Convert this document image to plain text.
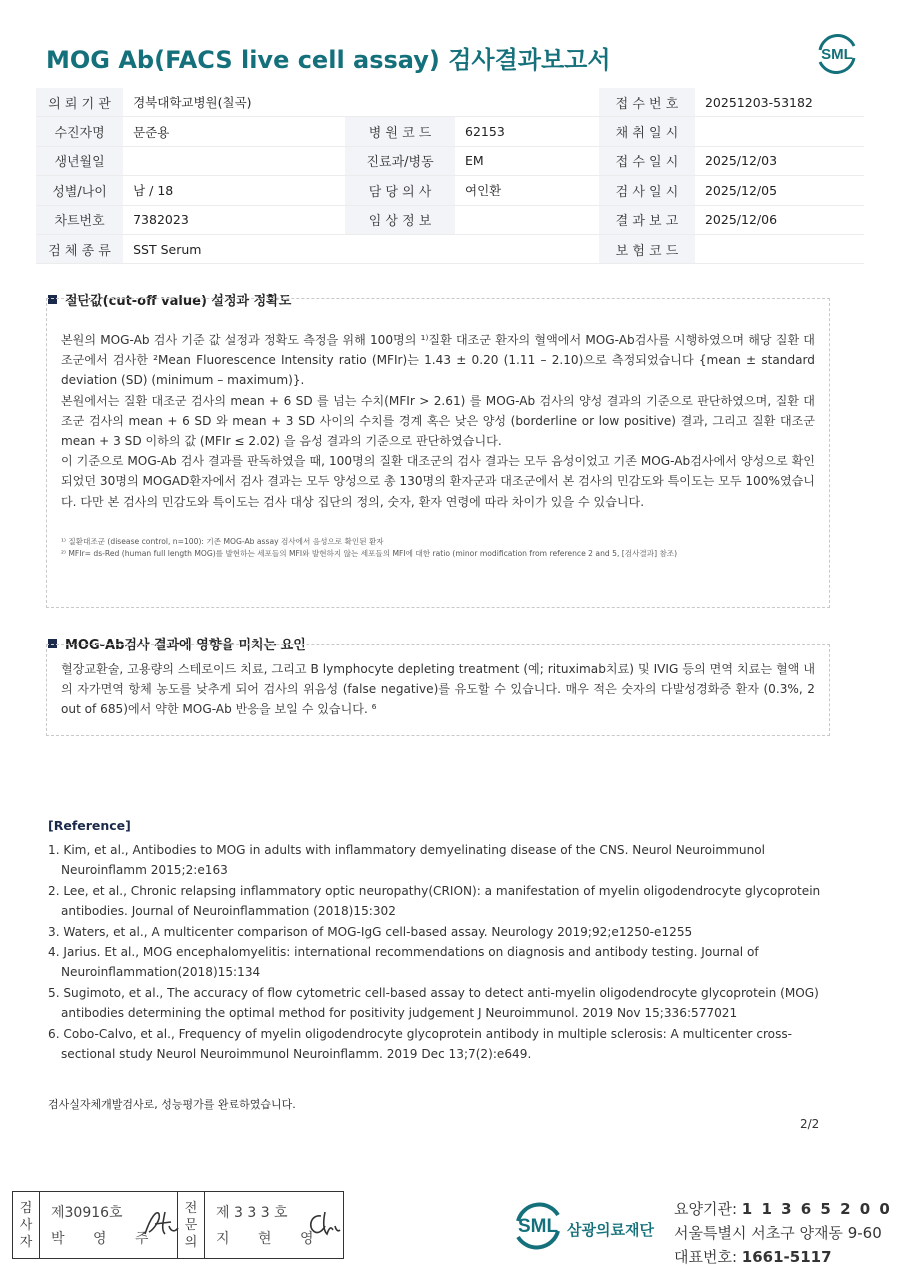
MOG Ab(FACS live cell assay) 검사결과보고서	SML
의 뢰 기 관	경북대학교병원(칠곡)			접 수 번 호	20251203-53182
수진자명	문준용	병 원 코 드	62153	채 취 일 시	
생년월일		진료과/병동	EM	접 수 일 시	2025/12/03
성별/나이	남 / 18	담 당 의 사	여인환	검 사 일 시	2025/12/05
차트번호	7382023	임 상 정 보		결 과 보 고	2025/12/06
검 체 종 류	SST Serum			보 험 코 드	
절단값(cut-off value) 설정과 정확도

본원의 MOG-Ab 검사 기준 값 설정과 정확도 측정을 위해 100명의 ¹⁾질환 대조군 환자의 혈액에서 MOG-Ab검사를 시행하였으며 해당 질환 대조군에서 검사한 ²Mean Fluorescence Intensity ratio (MFIr)는 1.43 ± 0.20 (1.11 – 2.10)으로 측정되었습니다 {mean ± standard deviation (SD) (minimum – maximum)}.

본원에서는 질환 대조군 검사의 mean + 6 SD 를 넘는 수치(MFIr > 2.61) 를 MOG-Ab 검사의 양성 결과의 기준으로 판단하였으며, 질환 대조군 검사의 mean + 6 SD 와 mean + 3 SD 사이의 수치를 경계 혹은 낮은 양성 (borderline or low positive) 결과, 그리고 질환 대조군 mean + 3 SD 이하의 값 (MFIr ≤ 2.02) 을 음성 결과의 기준으로 판단하였습니다.

이 기준으로 MOG-Ab 검사 결과를 판독하였을 때, 100명의 질환 대조군의 검사 결과는 모두 음성이었고 기존 MOG-Ab검사에서 양성으로 확인되었던 30명의 MOGAD환자에서 검사 결과는 모두 양성으로 총 130명의 환자군과 대조군에서 본 검사의 민감도와 특이도는 모두 100%였습니다. 다만 본 검사의 민감도와 특이도는 검사 대상 집단의 정의, 숫자, 환자 연령에 따라 차이가 있을 수 있습니다.

¹⁾ 질환대조군 (disease control, n=100): 기존 MOG-Ab assay 검사에서 음성으로 확인된 환자

²⁾ MFIr= ds-Red (human full length MOG)를 발현하는 세포들의 MFI와 발현하지 않는 세포들의 MFI에 대한 ratio (minor modification from reference 2 and 5, [검사결과] 참조)

MOG-Ab검사 결과에 영향을 미치는 요인
혈장교환술, 고용량의 스테로이드 치료, 그리고 B lymphocyte depleting treatment (예; rituximab치료) 및 IVIG 등의 면역 치료는 혈액 내의 자가면역 항체 농도를 낮추게 되어 검사의 위음성 (false negative)를 유도할 수 있습니다. 매우 적은 숫자의 다발성경화증 환자 (0.3%, 2 out of 685)에서 약한 MOG-Ab 반응을 보일 수 있습니다. ⁶
[Reference]
1. Kim, et al., Antibodies to MOG in adults with inflammatory demyelinating disease of the CNS. Neurol Neuroimmunol Neuroinflamm 2015;2:e163
2. Lee, et al., Chronic relapsing inflammatory optic neuropathy(CRION): a manifestation of myelin oligodendrocyte glycoprotein antibodies. Journal of Neuroinflammation (2018)15:302
3. Waters, et al., A multicenter comparison of MOG-IgG cell-based assay. Neurology 2019;92;e1250-e1255
4. Jarius. Et al., MOG encephalomyelitis: international recommendations on diagnosis and antibody testing. Journal of Neuroinflammation(2018)15:134
5. Sugimoto, et al., The accuracy of flow cytometric cell-based assay to detect anti-myelin oligodendrocyte glycoprotein (MOG) antibodies determining the optimal method for positivity judgement J Neuroimmunol. 2019 Nov 15;336:577021
6. Cobo-Calvo, et al., Frequency of myelin oligodendrocyte glycoprotein antibody in multiple sclerosis: A multicenter cross-sectional study Neurol Neuroimmunol Neuroinflamm. 2019 Dec 13;7(2):e649.
검사실자체개발검사로, 성능평가를 완료하였습니다.
2/2
검
사
자
제30916호
박 영 주
전
문
의
제 3 3 3 호
지 현 영
SML 삼광의료재단
요양기관: 1 1 3 6 5 2 0 0
서울특별시 서초구 양재동 9-60
대표번호: 1661-5117
